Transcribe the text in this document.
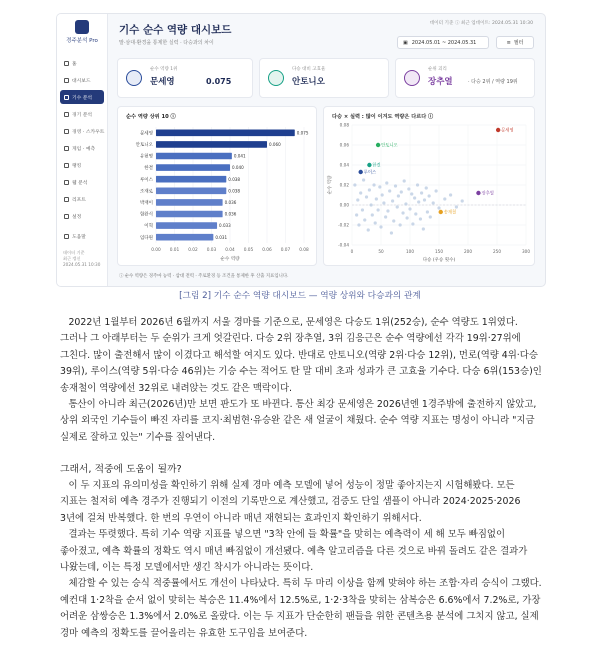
경주분석 Pro
홈
대시보드
기수 분석
경기 분석
경영 · 스카우트
게임 · 예측
랭킹
웹 분석
리포트
설정
도움말
데이터 기준
최근 갱신
2024.05.31 10:30
기수 순수 역량 대시보드
말·삼대·환경을 통제한 실력 · 다승과의 차이
데이터 기준 ⓘ 최근 업데이트: 2024.05.31 10:30
▣ 2024.05.01 ~ 2024.05.31	≡ 필터
순수 역량 1위
문세영	0.075
다승 대비 고효율
안토니오
순위 괴리
장추열	· 다승 2위 / 역량 19위
순수 역량 상위 10 ⓘ
0.00 0.01 0.02 0.03 0.04 0.05 0.06 0.07 0.08
문세영	0.075
안토니오	0.060
유현명	0.041
한결	0.040
루이스	0.038
조재로	0.038
박재이	0.036
함완식	0.036
이혁	0.033
임다원	0.031
순수 역량
다승 × 실력 : 많이 이겨도 역량은 다르다 ⓘ
-0.04
-0.02
0.00
0.02
0.04
0.06
0.08
0	50	100	150	200	250	300
문세영
안토니오
한결
루이스
장추열
송재철
다승 (우승 횟수)
순수 역량
ⓘ 순수 역량은 경주마 능력 · 삼대 전력 · 주로환경 등 조건을 통제한 후 산출 지표입니다.
[그림 2] 기수 순수 역량 대시보드 — 역량 상위와 다승과의 관계

2022년 1월부터 2026년 6월까지 서울 경마를 기준으로, 문세영은 다승도 1위(252승), 순수 역량도 1위였다. 그러나 그 아래부터는 두 순위가 크게 엇갈린다. 다승 2위 장추열, 3위 김응근은 순수 역량에선 각각 19위·27위에 그친다. 많이 출전해서 많이 이겼다고 해석할 여지도 있다. 반대로 안토니오(역량 2위·다승 12위), 먼로(역량 4위·다승 39위), 루이스(역량 5위·다승 46위)는 기승 수는 적어도 탄 말 대비 초과 성과가 큰 고효율 기수다. 다승 6위(153승)인 송재철이 역량에선 32위로 내려앉는 것도 같은 맥락이다.

통산이 아니라 최근(2026년)만 보면 판도가 또 바뀐다. 통산 최강 문세영은 2026년엔 1경주밖에 출전하지 않았고, 상위 외국인 기수들이 빠진 자리를 코지·최범현·유승완 같은 새 얼굴이 채웠다. 순수 역량 지표는 명성이 아니라 "지금 실제로 잘하고 있는" 기수를 짚어낸다.

그래서, 적중에 도움이 될까?

이 두 지표의 유의미성을 확인하기 위해 실제 경마 예측 모델에 넣어 성능이 정말 좋아지는지 시험해봤다. 모든 지표는 철저히 예측 경주가 진행되기 이전의 기록만으로 계산했고, 검증도 단일 샘플이 아니라 2024·2025·2026 3년에 걸쳐 반복했다. 한 번의 우연이 아니라 매년 재현되는 효과인지 확인하기 위해서다.

결과는 뚜렷했다. 특히 기수 역량 지표를 넣으면 "3착 안에 들 확률"을 맞히는 예측력이 세 해 모두 빠짐없이 좋아졌고, 예측 확률의 정확도 역시 매년 빠짐없이 개선됐다. 예측 알고리즘을 다른 것으로 바꿔 돌려도 같은 결과가 나왔는데, 이는 특정 모델에서만 생긴 착시가 아니라는 뜻이다.

체감할 수 있는 승식 적중률에서도 개선이 나타났다. 특히 두 마리 이상을 함께 맞혀야 하는 조합·자리 승식이 그랬다. 예컨대 1·2착을 순서 없이 맞히는 복승은 11.4%에서 12.5%로, 1·2·3착을 맞히는 삼복승은 6.6%에서 7.2%로, 가장 어려운 삼쌍승은 1.3%에서 2.0%로 올랐다. 이는 두 지표가 단순한히 팬들을 위한 콘텐츠용 분석에 그치지 않고, 실제 경마 예측의 정확도를 끌어올리는 유효한 도구임을 보여준다.
